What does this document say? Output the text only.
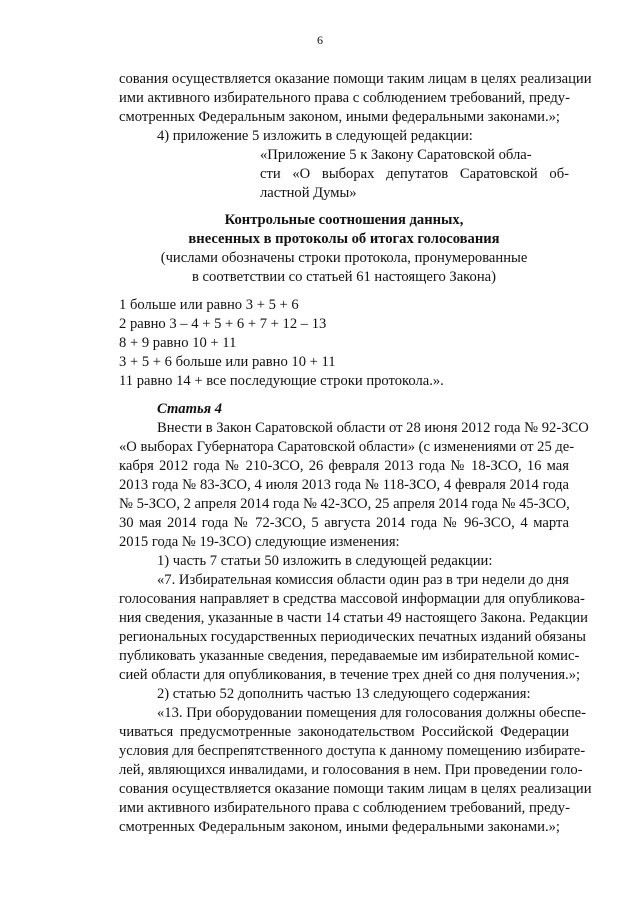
6
сования осуществляется оказание помощи таким лицам в целях реализации
ими активного избирательного права с соблюдением требований, преду-
смотренных Федеральным законом, иными федеральными законами.»;
4) приложение 5 изложить в следующей редакции:
«Приложение 5 к Закону Саратовской обла-
сти «О выборах депутатов Саратовской об-
ластной Думы»
Контрольные соотношения данных,
внесенных в протоколы об итогах голосования
(числами обозначены строки протокола, пронумерованные
в соответствии со статьей 61 настоящего Закона)
1 больше или равно 3 + 5 + 6
2 равно 3 – 4 + 5 + 6 + 7 + 12 – 13
8 + 9 равно 10 + 11
3 + 5 + 6 больше или равно 10 + 11
11 равно 14 + все последующие строки протокола.».
Статья 4
Внести в Закон Саратовской области от 28 июня 2012 года № 92-ЗСО
«О выборах Губернатора Саратовской области» (с изменениями от 25 де-
кабря 2012 года № 210-ЗСО, 26 февраля 2013 года № 18-ЗСО, 16 мая
2013 года № 83-ЗСО, 4 июля 2013 года № 118-ЗСО, 4 февраля 2014 года
№ 5-ЗСО, 2 апреля 2014 года № 42-ЗСО, 25 апреля 2014 года № 45-ЗСО,
30 мая 2014 года № 72-ЗСО, 5 августа 2014 года № 96-ЗСО, 4 марта
2015 года № 19-ЗСО) следующие изменения:
1) часть 7 статьи 50 изложить в следующей редакции:
«7. Избирательная комиссия области один раз в три недели до дня
голосования направляет в средства массовой информации для опубликова-
ния сведения, указанные в части 14 статьи 49 настоящего Закона. Редакции
региональных государственных периодических печатных изданий обязаны
публиковать указанные сведения, передаваемые им избирательной комис-
сией области для опубликования, в течение трех дней со дня получения.»;
2) статью 52 дополнить частью 13 следующего содержания:
«13. При оборудовании помещения для голосования должны обеспе-
чиваться предусмотренные законодательством Российской Федерации
условия для беспрепятственного доступа к данному помещению избирате-
лей, являющихся инвалидами, и голосования в нем. При проведении голо-
сования осуществляется оказание помощи таким лицам в целях реализации
ими активного избирательного права с соблюдением требований, преду-
смотренных Федеральным законом, иными федеральными законами.»;
